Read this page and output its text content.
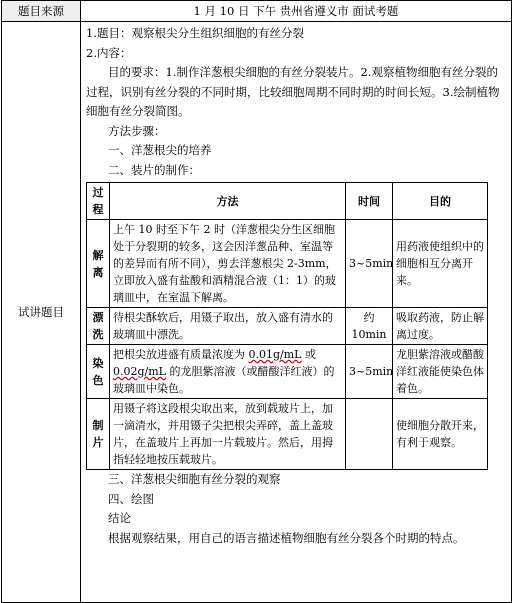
题目来源	1 月 10 日 下午 贵州省遵义市 面试考题
试讲题目	
1.题目：观察根尖分生组织细胞的有丝分裂
2.内容：
目的要求：1.制作洋葱根尖细胞的有丝分裂装片。2.观察植物细胞有丝分裂的过程，识别有丝分裂的不同时期，比较细胞周期不同时期的时间长短。3.绘制植物细胞有丝分裂简图。
方法步骤：
一、洋葱根尖的培养
二、装片的制作：
过程	方法	时间	目的
解离	上午 10 时至下午 2 时（洋葱根尖分生区细胞处于分裂期的较多，这会因洋葱品种、室温等的差异而有所不同），剪去洋葱根尖 2-3mm，立即放入盛有盐酸和酒精混合液（1：1）的玻璃皿中，在室温下解离。	3~5min	用药液使组织中的细胞相互分离开来。
漂洗	待根尖酥软后，用镊子取出，放入盛有清水的玻璃皿中漂洗。	约 10min	吸取药液，防止解离过度。
染色	把根尖放进盛有质量浓度为 0.01g/mL 或 0.02g/mL 的龙胆紫溶液（或醋酸洋红液）的玻璃皿中染色。	3~5min	龙胆紫溶液或醋酸洋红液能使染色体着色。
制片	用镊子将这段根尖取出来，放到载玻片上，加一滴清水，并用镊子尖把根尖弄碎，盖上盖玻片，在盖玻片上再加一片载玻片。然后，用拇指轻轻地按压载玻片。		使细胞分散开来，有利于观察。
三、洋葱根尖细胞有丝分裂的观察
四、绘图
结论
根据观察结果，用自己的语言描述植物细胞有丝分裂各个时期的特点。
